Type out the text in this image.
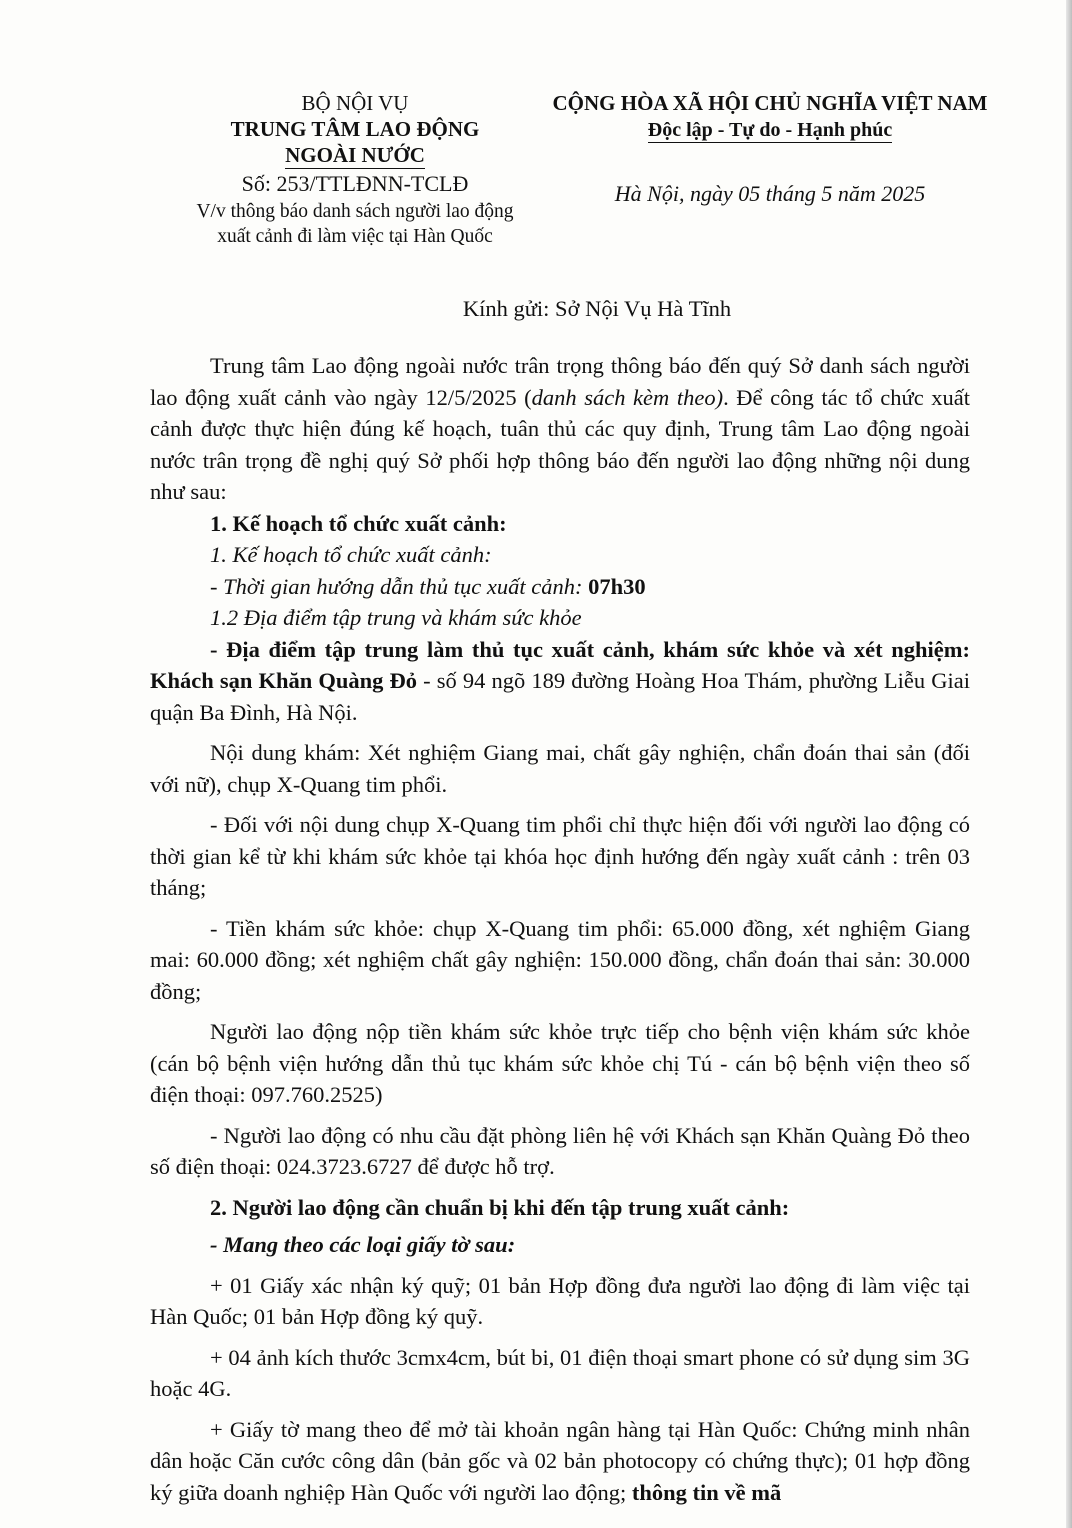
BỘ NỘI VỤ
TRUNG TÂM LAO ĐỘNG
NGOÀI NƯỚC
Số: 253/TTLĐNN-TCLĐ
V/v thông báo danh sách người lao động
xuất cảnh đi làm việc tại Hàn Quốc
CỘNG HÒA XÃ HỘI CHỦ NGHĨA VIỆT NAM
Độc lập - Tự do - Hạnh phúc
Hà Nội, ngày 05 tháng 5 năm 2025
Kính gửi: Sở Nội Vụ Hà Tĩnh

Trung tâm Lao động ngoài nước trân trọng thông báo đến quý Sở danh sách người lao động xuất cảnh vào ngày 12/5/2025 (danh sách kèm theo). Để công tác tổ chức xuất cảnh được thực hiện đúng kế hoạch, tuân thủ các quy định, Trung tâm Lao động ngoài nước trân trọng đề nghị quý Sở phối hợp thông báo đến người lao động những nội dung như sau:

1. Kế hoạch tổ chức xuất cảnh:

1. Kế hoạch tổ chức xuất cảnh:

- Thời gian hướng dẫn thủ tục xuất cảnh: 07h30

1.2 Địa điểm tập trung và khám sức khỏe

- Địa điểm tập trung làm thủ tục xuất cảnh, khám sức khỏe và xét nghiệm: Khách sạn Khăn Quàng Đỏ - số 94 ngõ 189 đường Hoàng Hoa Thám, phường Liễu Giai quận Ba Đình, Hà Nội.

Nội dung khám: Xét nghiệm Giang mai, chất gây nghiện, chẩn đoán thai sản (đối với nữ), chụp X-Quang tim phổi.

- Đối với nội dung chụp X-Quang tim phổi chỉ thực hiện đối với người lao động có thời gian kể từ khi khám sức khỏe tại khóa học định hướng đến ngày xuất cảnh : trên 03 tháng;

- Tiền khám sức khỏe: chụp X-Quang tim phổi: 65.000 đồng, xét nghiệm Giang mai: 60.000 đồng; xét nghiệm chất gây nghiện: 150.000 đồng, chẩn đoán thai sản: 30.000 đồng;

Người lao động nộp tiền khám sức khỏe trực tiếp cho bệnh viện khám sức khỏe (cán bộ bệnh viện hướng dẫn thủ tục khám sức khỏe chị Tú - cán bộ bệnh viện theo số điện thoại: 097.760.2525)

- Người lao động có nhu cầu đặt phòng liên hệ với Khách sạn Khăn Quàng Đỏ theo số điện thoại: 024.3723.6727 để được hỗ trợ.

2. Người lao động cần chuẩn bị khi đến tập trung xuất cảnh:

- Mang theo các loại giấy tờ sau:

+ 01 Giấy xác nhận ký quỹ; 01 bản Hợp đồng đưa người lao động đi làm việc tại Hàn Quốc; 01 bản Hợp đồng ký quỹ.

+ 04 ảnh kích thước 3cmx4cm, bút bi, 01 điện thoại smart phone có sử dụng sim 3G hoặc 4G.

+ Giấy tờ mang theo để mở tài khoản ngân hàng tại Hàn Quốc: Chứng minh nhân dân hoặc Căn cước công dân (bản gốc và 02 bản photocopy có chứng thực); 01 hợp đồng ký giữa doanh nghiệp Hàn Quốc với người lao động; thông tin về mã
